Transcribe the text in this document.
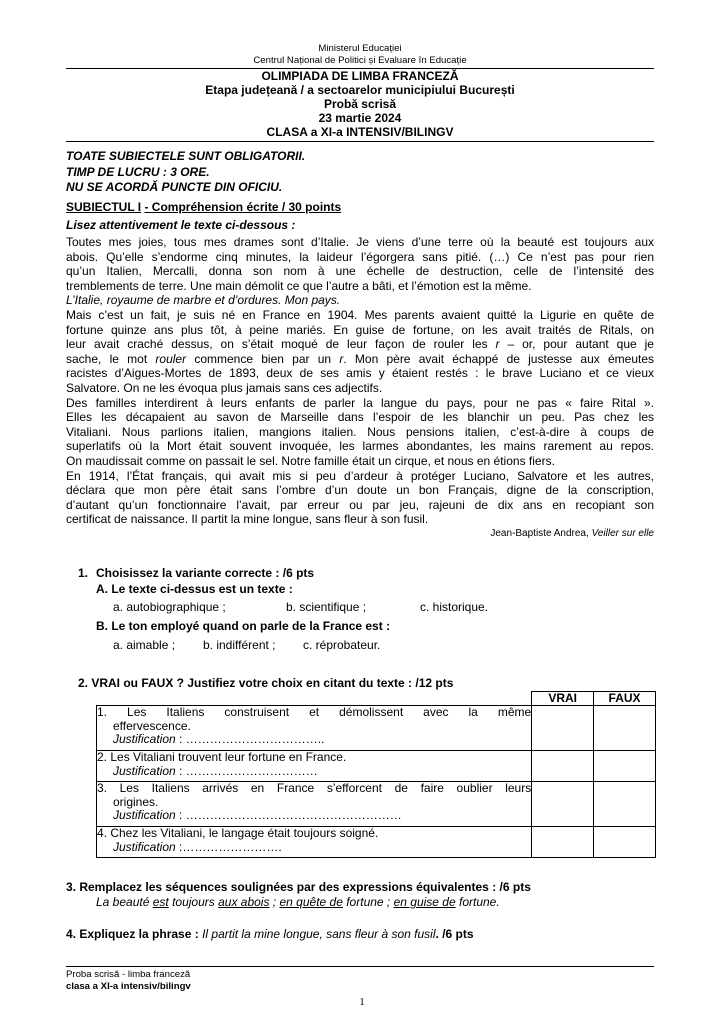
Ministerul Educației
Centrul Național de Politici și Evaluare în Educație
OLIMPIADA DE LIMBA FRANCEZĂ
Etapa județeană / a sectoarelor municipiului București
Probă scrisă
23 martie 2024
CLASA a XI-a INTENSIV/BILINGV
TOATE SUBIECTELE SUNT OBLIGATORII.
TIMP DE LUCRU : 3 ORE.
NU SE ACORDĂ PUNCTE DIN OFICIU.
SUBIECTUL I - Compréhension écrite / 30 points
Lisez attentivement le texte ci-dessous :

Toutes mes joies, tous mes drames sont d’Italie. Je viens d’une terre où la beauté est toujours aux

abois. Qu’elle s’endorme cinq minutes, la laideur l’égorgera sans pitié. (…) Ce n’est pas pour rien

qu’un Italien, Mercalli, donna son nom à une échelle de destruction, celle de l’intensité des

tremblements de terre. Une main démolit ce que l’autre a bâti, et l’émotion est la même.

L’Italie, royaume de marbre et d’ordures. Mon pays.

Mais c’est un fait, je suis né en France en 1904. Mes parents avaient quitté la Ligurie en quête de

fortune quinze ans plus tôt, à peine mariés. En guise de fortune, on les avait traités de Ritals, on

leur avait craché dessus, on s’était moqué de leur façon de rouler les r – or, pour autant que je

sache, le mot rouler commence bien par un r. Mon père avait échappé de justesse aux émeutes

racistes d’Aigues-Mortes de 1893, deux de ses amis y étaient restés : le brave Luciano et ce vieux

Salvatore. On ne les évoqua plus jamais sans ces adjectifs.

Des familles interdirent à leurs enfants de parler la langue du pays, pour ne pas « faire Rital ».

Elles les décapaient au savon de Marseille dans l’espoir de les blanchir un peu. Pas chez les

Vitaliani. Nous parlions italien, mangions italien. Nous pensions italien, c’est-à-dire à coups de

superlatifs où la Mort était souvent invoquée, les larmes abondantes, les mains rarement au repos.

On maudissait comme on passait le sel. Notre famille était un cirque, et nous en étions fiers.

En 1914, l’État français, qui avait mis si peu d’ardeur à protéger Luciano, Salvatore et les autres,

déclara que mon père était sans l’ombre d’un doute un bon Français, digne de la conscription,

d’autant qu’un fonctionnaire l’avait, par erreur ou par jeu, rajeuni de dix ans en recopiant son

certificat de naissance. Il partit la mine longue, sans fleur à son fusil.

Jean-Baptiste Andrea, Veiller sur elle

1. Choisissez la variante correcte : /6 pts
A. Le texte ci-dessus est un texte :
a. autobiographique ;	b. scientifique ;	c. historique.
B. Le ton employé quand on parle de la France est :
a. aimable ; b. indifférent ; c. réprobateur.
2. VRAI ou FAUX ? Justifiez votre choix en citant du texte : /12 pts
	VRAI	FAUX

1. Les Italiens construisent et démolissent avec la même
effervescence.
Justification : ……………………………..		

2. Les Vitaliani trouvent leur fortune en France.
Justification : ……………………………		

3. Les Italiens arrivés en France s’efforcent de faire oublier leurs
origines.
Justification : ………………………………………………		

4. Chez les Vitaliani, le langage était toujours soigné.
Justification :…………………….		

3. Remplacez les séquences soulignées par des expressions équivalentes : /6 pts
La beauté est toujours aux abois ; en quête de fortune ; en guise de fortune.
4. Expliquez la phrase : Il partit la mine longue, sans fleur à son fusil. /6 pts
Proba scrisă - limba franceză
clasa a XI-a intensiv/bilingv
1
